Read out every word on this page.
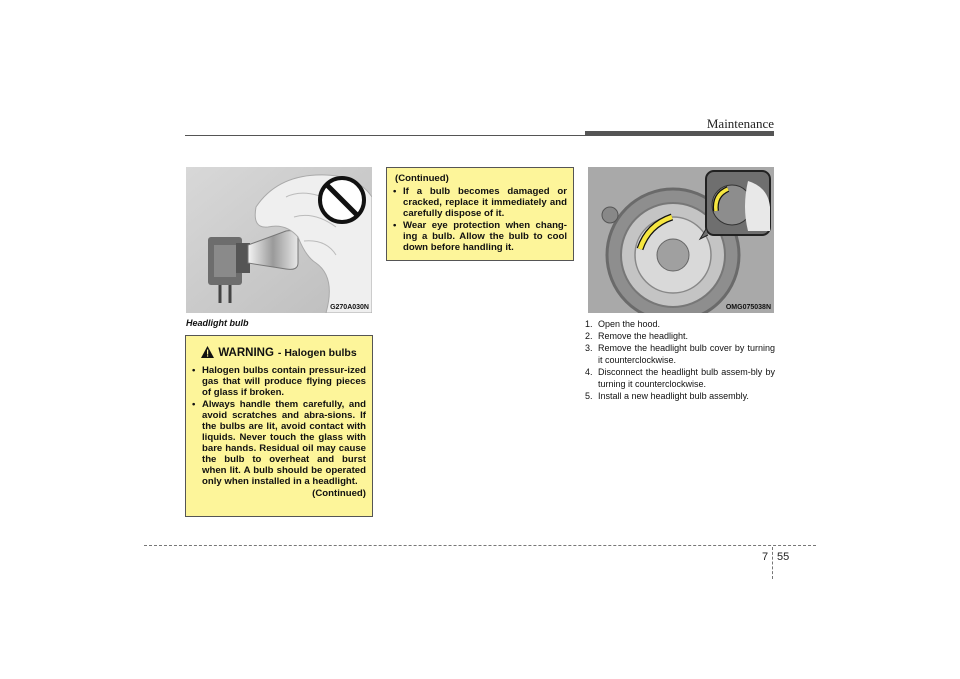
Maintenance
G270A030N
Headlight bulb
WARNING - Halogen bulbs
• Halogen bulbs contain pressur-ized gas that will produce flying pieces of glass if broken.
• Always handle them carefully, and avoid scratches and abra-sions. If the bulbs are lit, avoid contact with liquids. Never touch the glass with bare hands. Residual oil may cause the bulb to overheat and burst when lit. A bulb should be operated only when installed in a headlight.
(Continued)
(Continued)
• If a bulb becomes damaged or cracked, replace it immediately and carefully dispose of it.
• Wear eye protection when chang-ing a bulb. Allow the bulb to cool down before handling it.
OMG075038N
1. Open the hood.
2. Remove the headlight.
3. Remove the headlight bulb cover by turning it counterclockwise.
4. Disconnect the headlight bulb assem-bly by turning it counterclockwise.
5. Install a new headlight bulb assembly.
7 55
